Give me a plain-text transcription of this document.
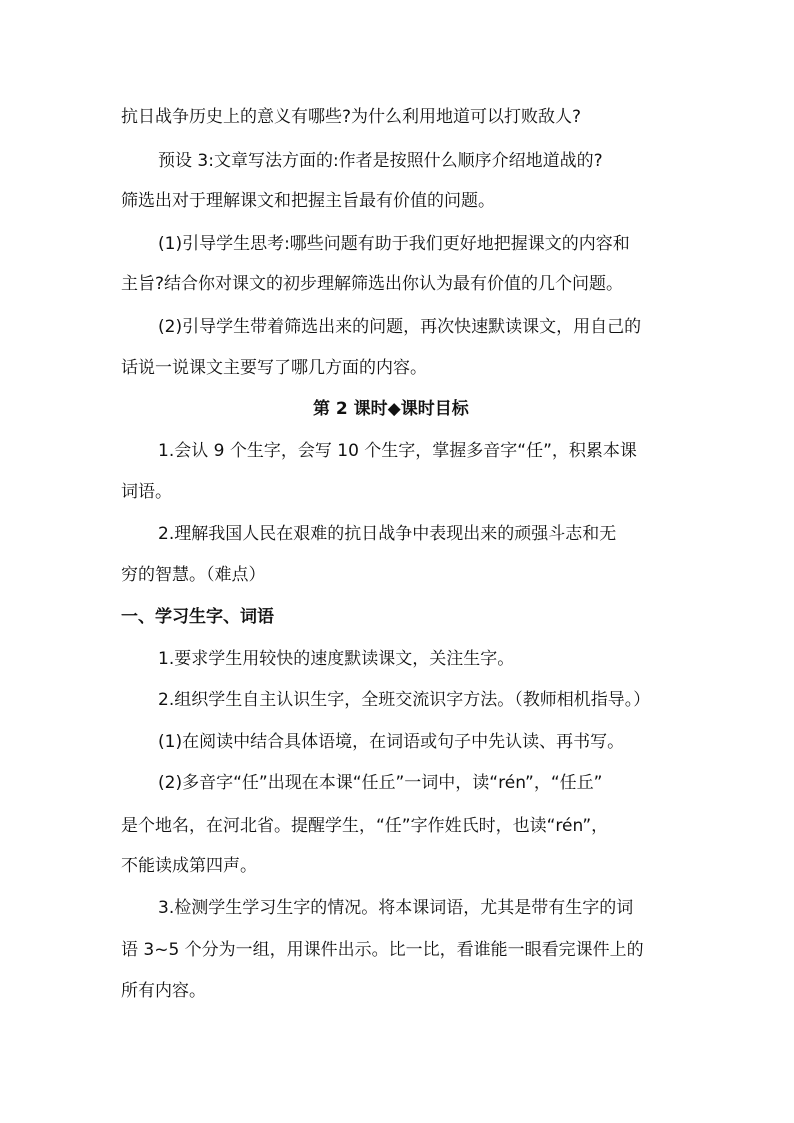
抗日战争历史上的意义有哪些?为什么利用地道可以打败敌人?

预设 3:文章写法方面的:作者是按照什么顺序介绍地道战的?

筛选出对于理解课文和把握主旨最有价值的问题。

(1)引导学生思考:哪些问题有助于我们更好地把握课文的内容和

主旨?结合你对课文的初步理解筛选出你认为最有价值的几个问题。

(2)引导学生带着筛选出来的问题，再次快速默读课文，用自己的

话说一说课文主要写了哪几方面的内容。

第 2 课时◆课时目标

1.会认 9 个生字，会写 10 个生字，掌握多音字“任”，积累本课

词语。

2.理解我国人民在艰难的抗日战争中表现出来的顽强斗志和无

穷的智慧。（难点）

一、学习生字、词语

1.要求学生用较快的速度默读课文，关注生字。

2.组织学生自主认识生字，全班交流识字方法。（教师相机指导。）

(1)在阅读中结合具体语境，在词语或句子中先认读、再书写。

(2)多音字“任”出现在本课“任丘”一词中，读“rén”，“任丘”

是个地名，在河北省。提醒学生，“任”字作姓氏时，也读“rén”，

不能读成第四声。

3.检测学生学习生字的情况。将本课词语，尤其是带有生字的词

语 3~5 个分为一组，用课件出示。比一比，看谁能一眼看完课件上的

所有内容。
